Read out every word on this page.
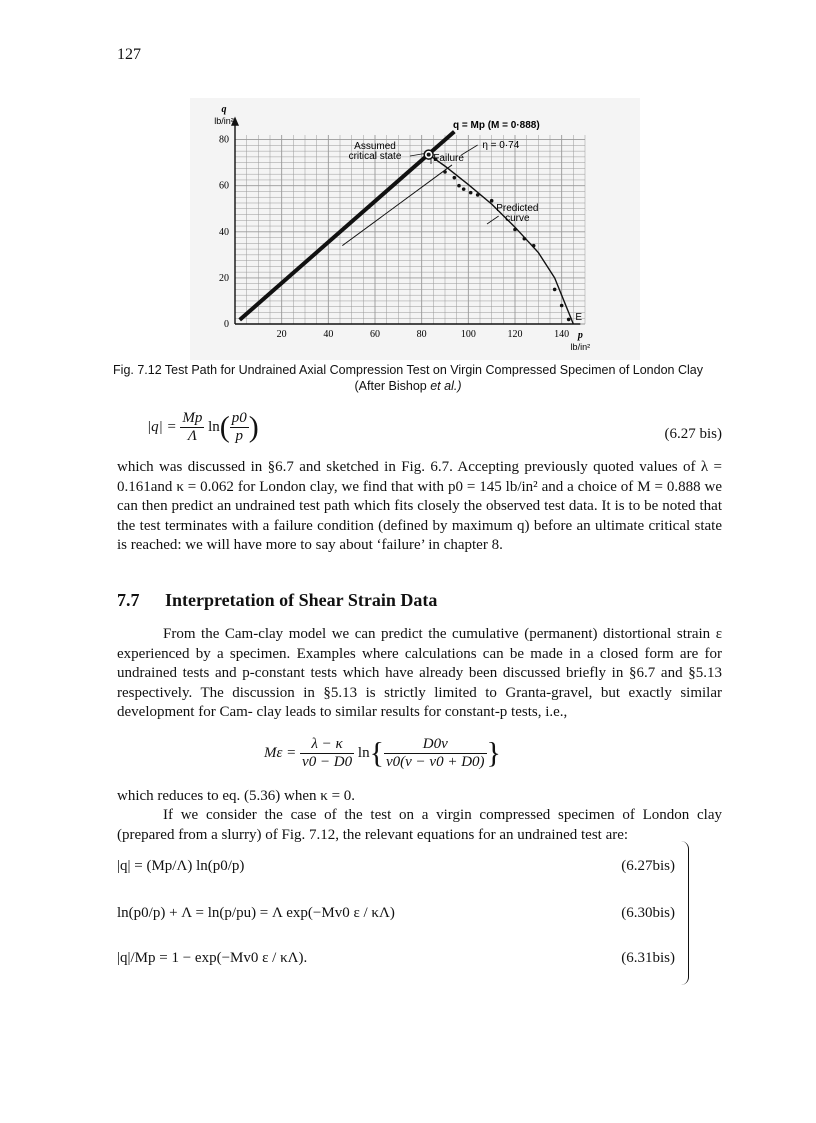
127
20	40	60	80	100	120	140
0
20
40
60
80
q
lb/in²
p
lb/in²
q = Mp (M = 0·888)
Assumed
critical state
η = 0·74
Failure
Predicted
curve
E
Fig. 7.12 Test Path for Undrained Axial Compression Test on Virgin Compressed Specimen of London Clay (After Bishop et al.)
$|q| = \frac{Mp}{\Lambda} \ln( \frac{p0}{p}$ )	(6.27 bis)
which was discussed in §6.7 and sketched in Fig. 6.7. Accepting previously quoted values of λ = 0.161and κ = 0.062 for London clay, we find that with p0 = 145 lb/in² and a choice of M = 0.888 we can then predict an undrained test path which fits closely the observed test data. It is to be noted that the test terminates with a failure condition (defined by maximum q) before an ultimate critical state is reached: we will have more to say about ‘failure’ in chapter 8.
7.7 Interpretation of Shear Strain Data
From the Cam-clay model we can predict the cumulative (permanent) distortional strain ε experienced by a specimen. Examples where calculations can be made in a closed form are for undrained tests and p-constant tests which have already been discussed briefly in §6.7 and §5.13 respectively. The discussion in §5.13 is strictly limited to Granta-gravel, but exactly similar development for Cam- clay leads to similar results for constant-p tests, i.e.,
$M\varepsilon = \frac{\lambda - \kappa}{v0 - D0} \ln\{ \frac{D0v}{v0(v - v0 + D0)}$ }
which reduces to eq. (5.36) when κ = 0.
If we consider the case of the test on a virgin compressed specimen of London clay (prepared from a slurry) of Fig. 7.12, the relevant equations for an undrained test are:
|q| = (Mp/Λ) ln(p0/p)	(6.27bis)
ln(p0/p) + Λ = ln(p/pu) = Λ exp(−Mv0 ε / κΛ)	(6.30bis)
|q|/Mp = 1 − exp(−Mv0 ε / κΛ).	(6.31bis)
